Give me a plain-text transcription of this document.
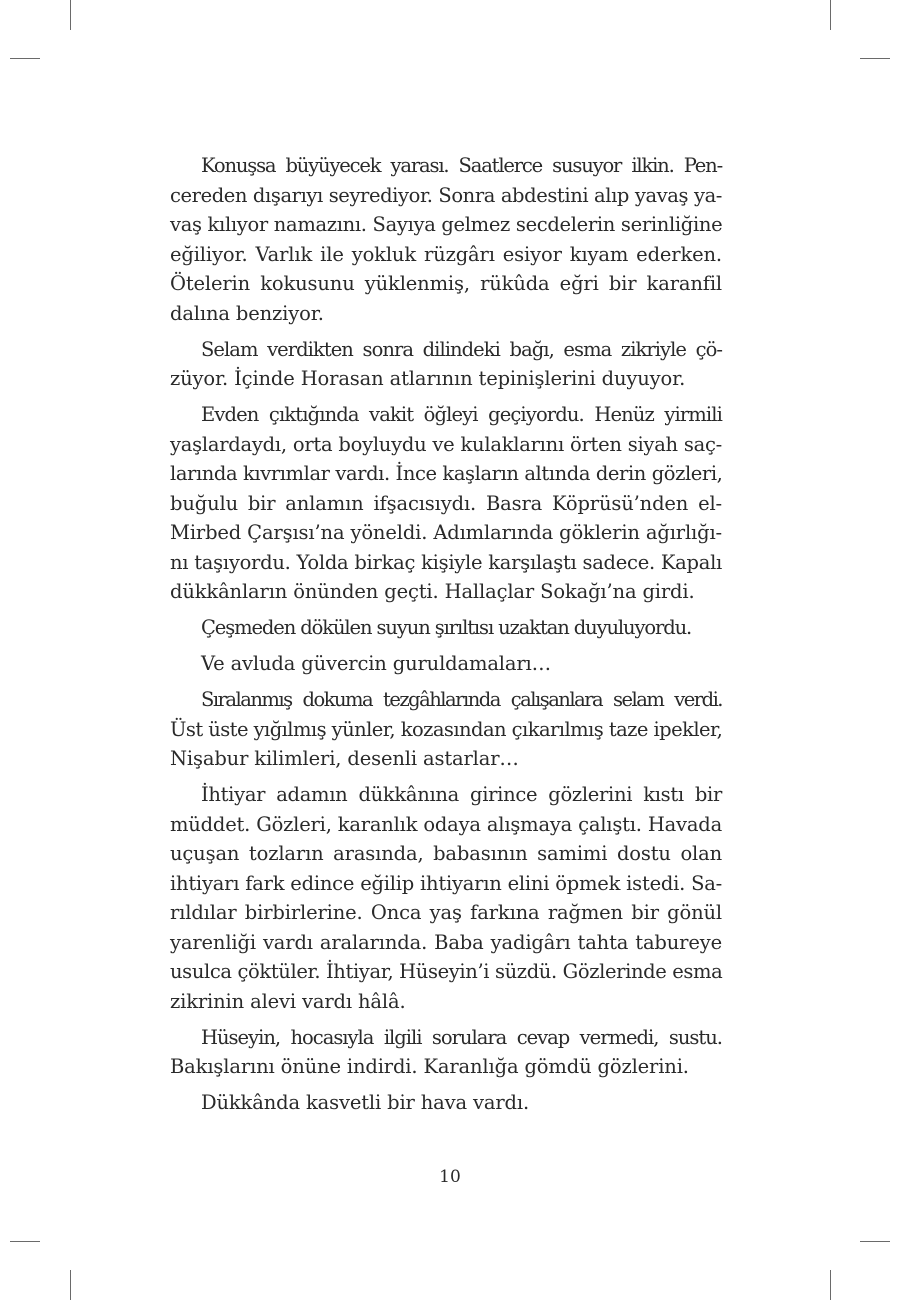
Konuşsa büyüyecek yarası. Saatlerce susuyor ilkin. Pen-
cereden dışarıyı seyrediyor. Sonra abdestini alıp yavaş ya-
vaş kılıyor namazını. Sayıya gelmez secdelerin serinliğine
eğiliyor. Varlık ile yokluk rüzgârı esiyor kıyam ederken.
Ötelerin kokusunu yüklenmiş, rükûda eğri bir karanfil
dalına benziyor.

Selam verdikten sonra dilindeki bağı, esma zikriyle çö-
züyor. İçinde Horasan atlarının tepinişlerini duyuyor.

Evden çıktığında vakit öğleyi geçiyordu. Henüz yirmili
yaşlardaydı, orta boyluydu ve kulaklarını örten siyah saç-
larında kıvrımlar vardı. İnce kaşların altında derin gözleri,
buğulu bir anlamın ifşacısıydı. Basra Köprüsü’nden el-
Mirbed Çarşısı’na yöneldi. Adımlarında göklerin ağırlığı-
nı taşıyordu. Yolda birkaç kişiyle karşılaştı sadece. Kapalı
dükkânların önünden geçti. Hallaçlar Sokağı’na girdi.

Çeşmeden dökülen suyun şırıltısı uzaktan duyuluyordu.

Ve avluda güvercin guruldamaları…

Sıralanmış dokuma tezgâhlarında çalışanlara selam verdi.
Üst üste yığılmış yünler, kozasından çıkarılmış taze ipekler,
Nişabur kilimleri, desenli astarlar…

İhtiyar adamın dükkânına girince gözlerini kıstı bir
müddet. Gözleri, karanlık odaya alışmaya çalıştı. Havada
uçuşan tozların arasında, babasının samimi dostu olan
ihtiyarı fark edince eğilip ihtiyarın elini öpmek istedi. Sa-
rıldılar birbirlerine. Onca yaş farkına rağmen bir gönül
yarenliği vardı aralarında. Baba yadigârı tahta tabureye
usulca çöktüler. İhtiyar, Hüseyin’i süzdü. Gözlerinde esma
zikrinin alevi vardı hâlâ.

Hüseyin, hocasıyla ilgili sorulara cevap vermedi, sustu.
Bakışlarını önüne indirdi. Karanlığa gömdü gözlerini.

Dükkânda kasvetli bir hava vardı.

10
